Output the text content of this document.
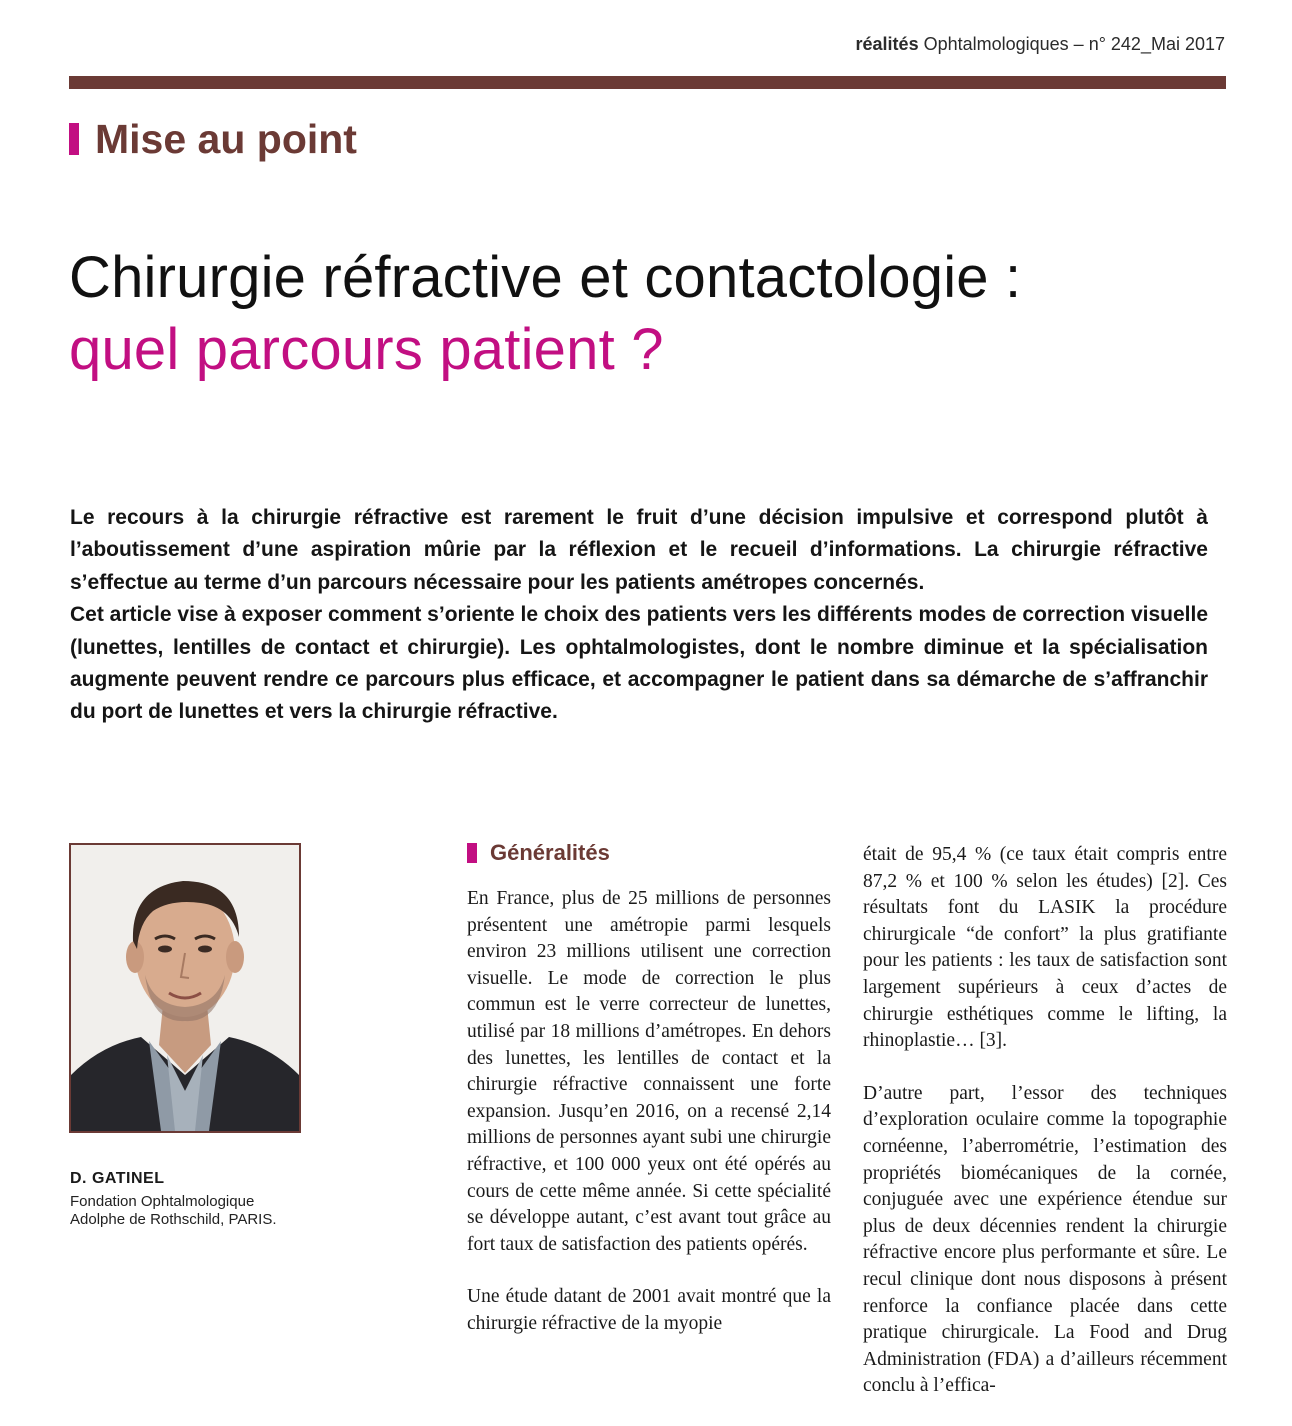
réalités Ophtalmologiques – n° 242_Mai 2017
Mise au point
Chirurgie réfractive et contactologie :
quel parcours patient ?

Le recours à la chirurgie réfractive est rarement le fruit d’une décision impulsive et correspond plutôt à l’aboutissement d’une aspiration mûrie par la réflexion et le recueil d’informations. La chirurgie réfractive s’effectue au terme d’un parcours nécessaire pour les patients amétropes concernés.

Cet article vise à exposer comment s’oriente le choix des patients vers les différents modes de correction visuelle (lunettes, lentilles de contact et chirurgie). Les ophtalmologistes, dont le nombre diminue et la spécialisation augmente peuvent rendre ce parcours plus efficace, et accompagner le patient dans sa démarche de s’affranchir du port de lunettes et vers la chirurgie réfractive.

D. GATINEL
Fondation Ophtalmologique
Adolphe de Rothschild, PARIS.
Généralités

En France, plus de 25 millions de personnes présentent une amétropie parmi lesquels environ 23 millions utilisent une correction visuelle. Le mode de correction le plus commun est le verre correcteur de lunettes, utilisé par 18 millions d’amétropes. En dehors des lunettes, les lentilles de contact et la chirurgie réfractive connaissent une forte expansion. Jusqu’en 2016, on a recensé 2,14 millions de personnes ayant subi une chirurgie réfractive, et 100 000 yeux ont été opérés au cours de cette même année. Si cette spécialité se développe autant, c’est avant tout grâce au fort taux de satisfaction des patients opérés.

Une étude datant de 2001 avait montré que la chirurgie réfractive de la myopie

était de 95,4 % (ce taux était compris entre 87,2 % et 100 % selon les études) [2]. Ces résultats font du LASIK la procédure chirurgicale “de confort” la plus gratifiante pour les patients : les taux de satisfaction sont largement supérieurs à ceux d’actes de chirurgie esthétiques comme le lifting, la rhinoplastie… [3].

D’autre part, l’essor des techniques d’exploration oculaire comme la topographie cornéenne, l’aberrométrie, l’estimation des propriétés biomécaniques de la cornée, conjuguée avec une expérience étendue sur plus de deux décennies rendent la chirurgie réfractive encore plus performante et sûre. Le recul clinique dont nous disposons à présent renforce la confiance placée dans cette pratique chirurgicale. La Food and Drug Administration (FDA) a d’ailleurs récemment conclu à l’effica-
